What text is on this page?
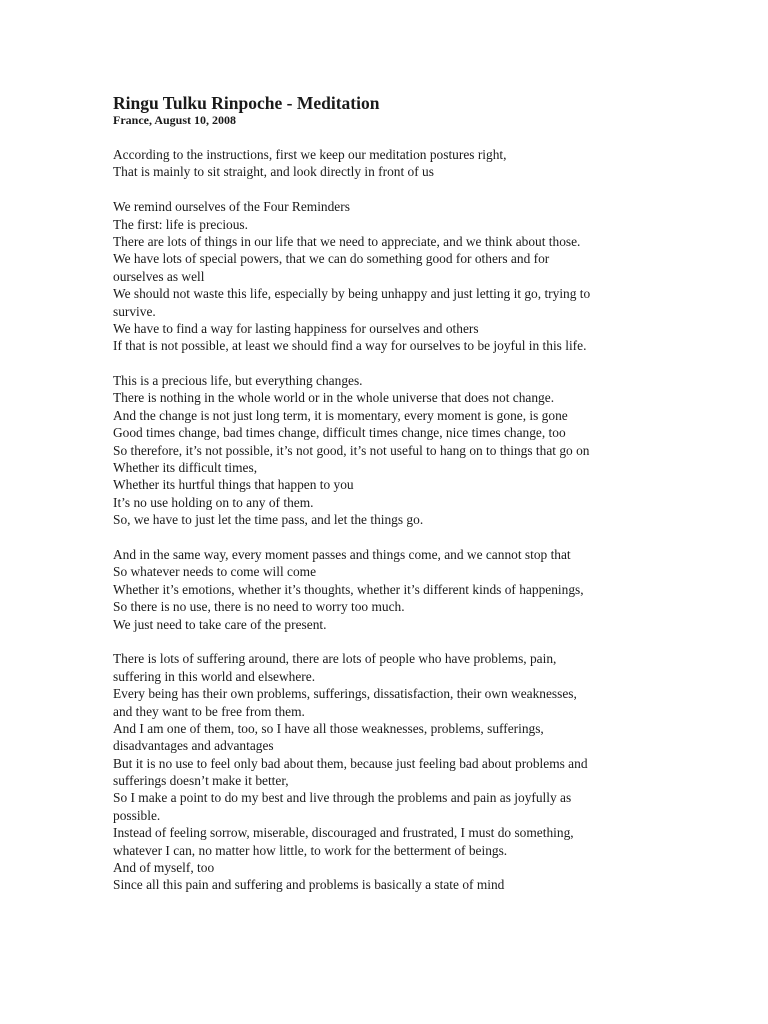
Ringu Tulku Rinpoche - Meditation
France, August 10, 2008
According to the instructions, first we keep our meditation postures right,
That is mainly to sit straight, and look directly in front of us
We remind ourselves of the Four Reminders
The first: life is precious.
There are lots of things in our life that we need to appreciate, and we think about those.
We have lots of special powers, that we can do something good for others and for
ourselves as well
We should not waste this life, especially by being unhappy and just letting it go, trying to
survive.
We have to find a way for lasting happiness for ourselves and others
If that is not possible, at least we should find a way for ourselves to be joyful in this life.
This is a precious life, but everything changes.
There is nothing in the whole world or in the whole universe that does not change.
And the change is not just long term, it is momentary, every moment is gone, is gone
Good times change, bad times change, difficult times change, nice times change, too
So therefore, it’s not possible, it’s not good, it’s not useful to hang on to things that go on
Whether its difficult times,
Whether its hurtful things that happen to you
It’s no use holding on to any of them.
So, we have to just let the time pass, and let the things go.
And in the same way, every moment passes and things come, and we cannot stop that
So whatever needs to come will come
Whether it’s emotions, whether it’s thoughts, whether it’s different kinds of happenings,
So there is no use, there is no need to worry too much.
We just need to take care of the present.
There is lots of suffering around, there are lots of people who have problems, pain,
suffering in this world and elsewhere.
Every being has their own problems, sufferings, dissatisfaction, their own weaknesses,
and they want to be free from them.
And I am one of them, too, so I have all those weaknesses, problems, sufferings,
disadvantages and advantages
But it is no use to feel only bad about them, because just feeling bad about problems and
sufferings doesn’t make it better,
So I make a point to do my best and live through the problems and pain as joyfully as
possible.
Instead of feeling sorrow, miserable, discouraged and frustrated, I must do something,
whatever I can, no matter how little, to work for the betterment of beings.
And of myself, too
Since all this pain and suffering and problems is basically a state of mind
